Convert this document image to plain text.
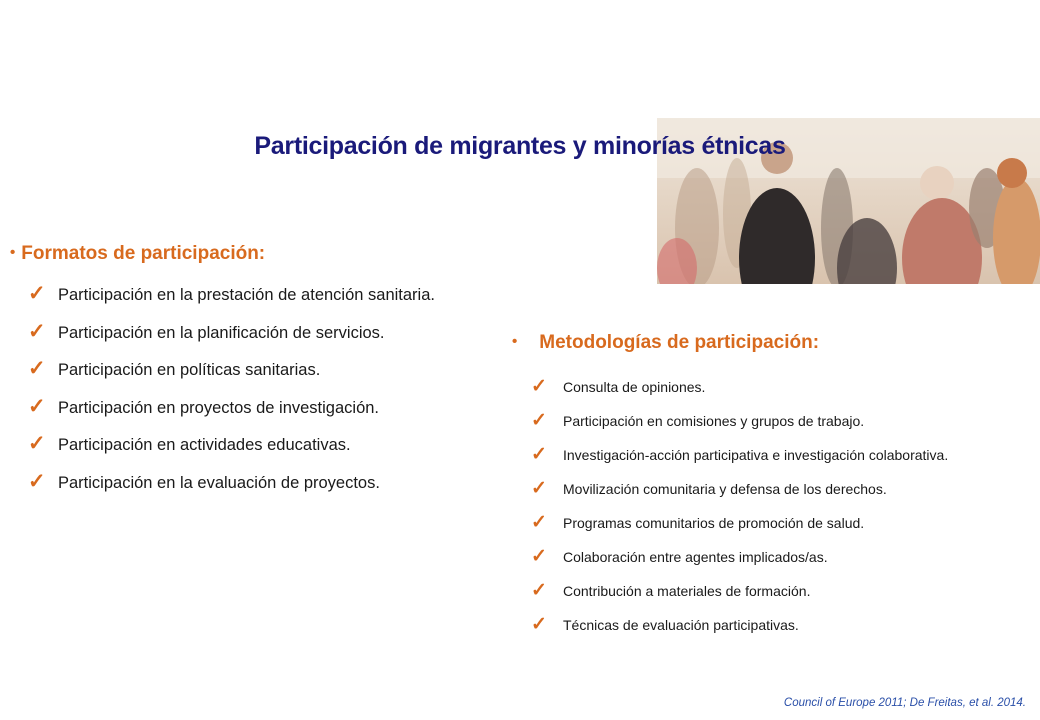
Participación de migrantes y minorías étnicas
• Formatos de participación:
✓ Participación en la prestación de atención sanitaria.
✓ Participación en la planificación de servicios.
✓ Participación en políticas sanitarias.
✓ Participación en proyectos de investigación.
✓ Participación en actividades educativas.
✓ Participación en la evaluación de proyectos.
• Metodologías de participación:
✓ Consulta de opiniones.
✓ Participación en comisiones y grupos de trabajo.
✓ Investigación-acción participativa e investigación colaborativa.
✓ Movilización comunitaria y defensa de los derechos.
✓ Programas comunitarios de promoción de salud.
✓ Colaboración entre agentes implicados/as.
✓ Contribución a materiales de formación.
✓ Técnicas de evaluación participativas.
Council of Europe 2011; De Freitas, et al. 2014.
